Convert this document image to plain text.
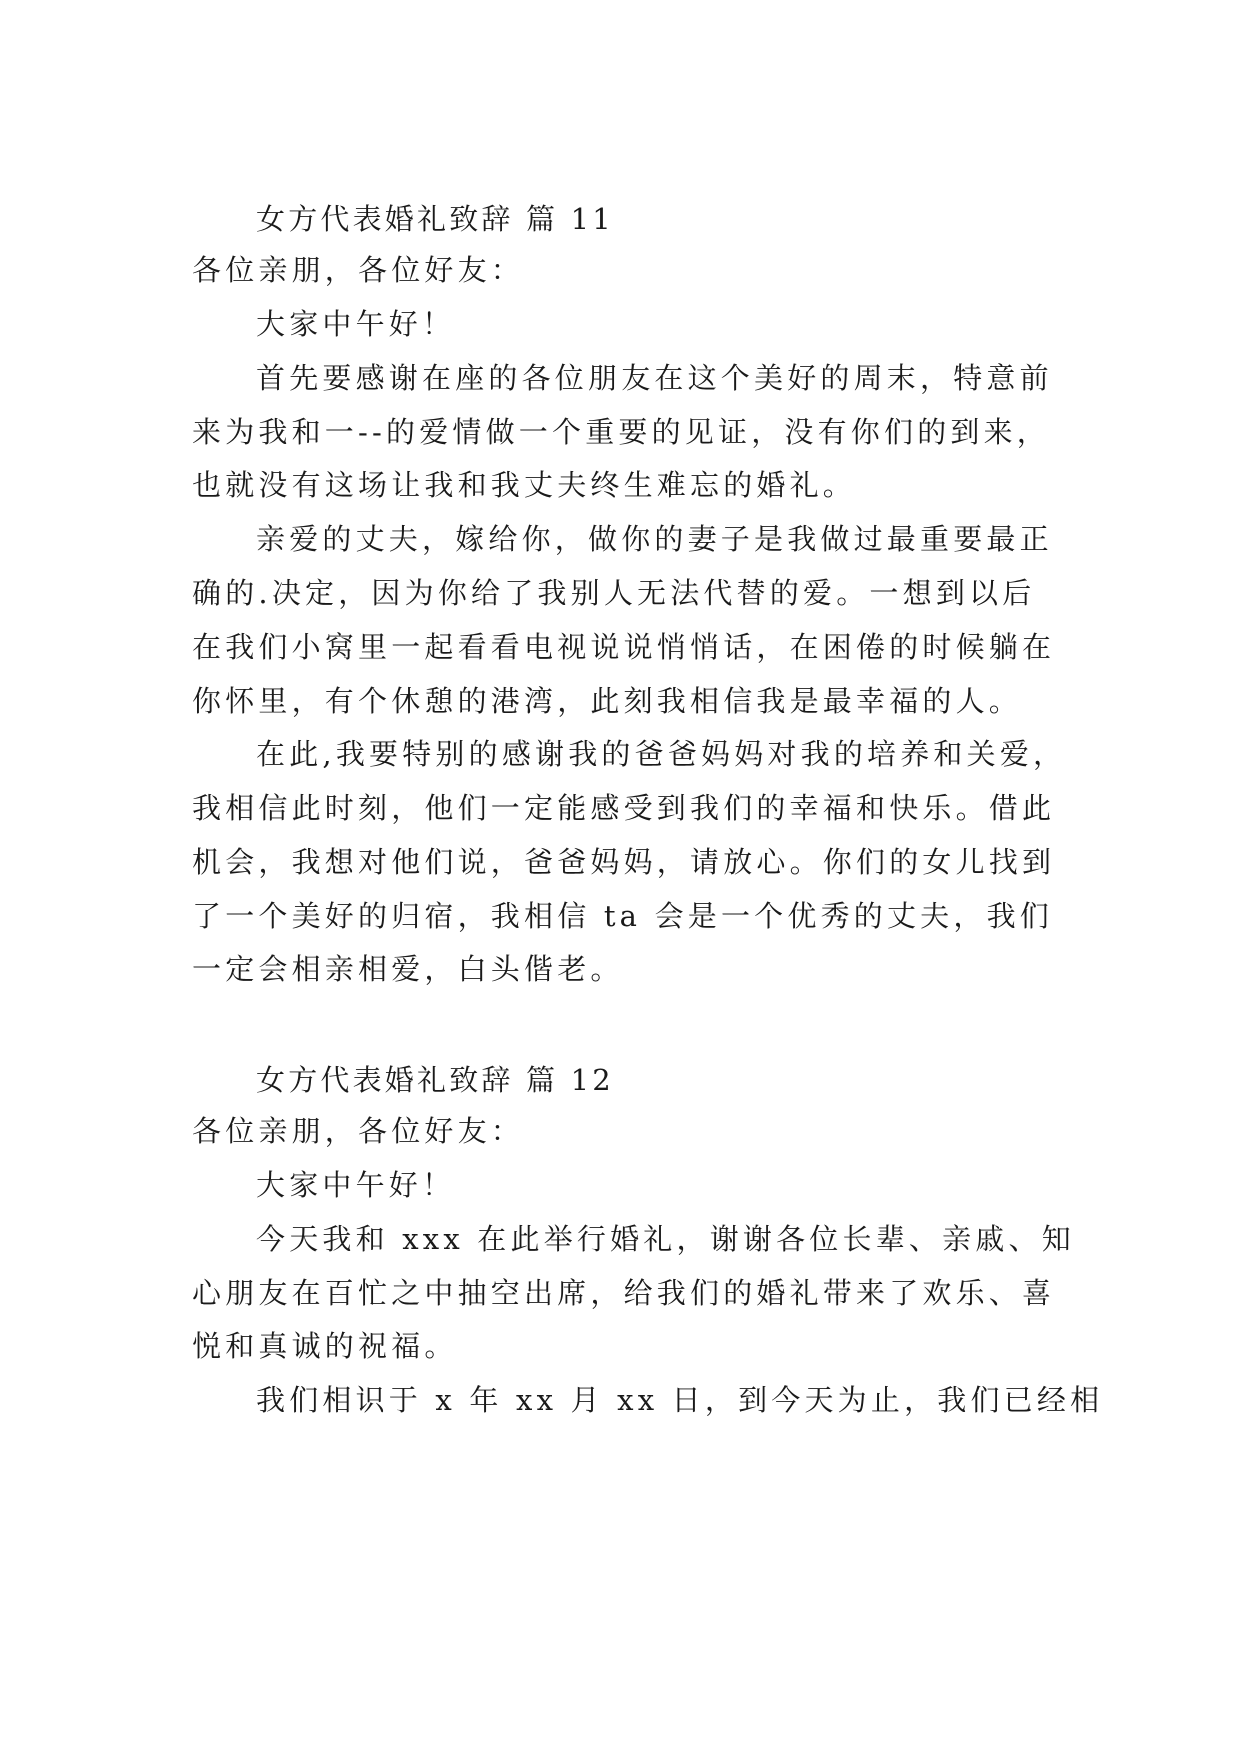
女方代表婚礼致辞 篇 11

各位亲朋，各位好友：

大家中午好！

首先要感谢在座的各位朋友在这个美好的周末，特意前

来为我和一--的爱情做一个重要的见证，没有你们的到来，

也就没有这场让我和我丈夫终生难忘的婚礼。

亲爱的丈夫，嫁给你，做你的妻子是我做过最重要最正

确的.决定，因为你给了我别人无法代替的爱。一想到以后

在我们小窝里一起看看电视说说悄悄话，在困倦的时候躺在

你怀里，有个休憩的港湾，此刻我相信我是最幸福的人。

在此,我要特别的感谢我的爸爸妈妈对我的培养和关爱，

我相信此时刻，他们一定能感受到我们的幸福和快乐。借此

机会，我想对他们说，爸爸妈妈，请放心。你们的女儿找到

了一个美好的归宿，我相信 ta 会是一个优秀的丈夫，我们

一定会相亲相爱，白头偕老。

女方代表婚礼致辞 篇 12

各位亲朋，各位好友：

大家中午好！

今天我和 xxx 在此举行婚礼，谢谢各位长辈、亲戚、知

心朋友在百忙之中抽空出席，给我们的婚礼带来了欢乐、喜

悦和真诚的祝福。

我们相识于 x 年 xx 月 xx 日，到今天为止，我们已经相
